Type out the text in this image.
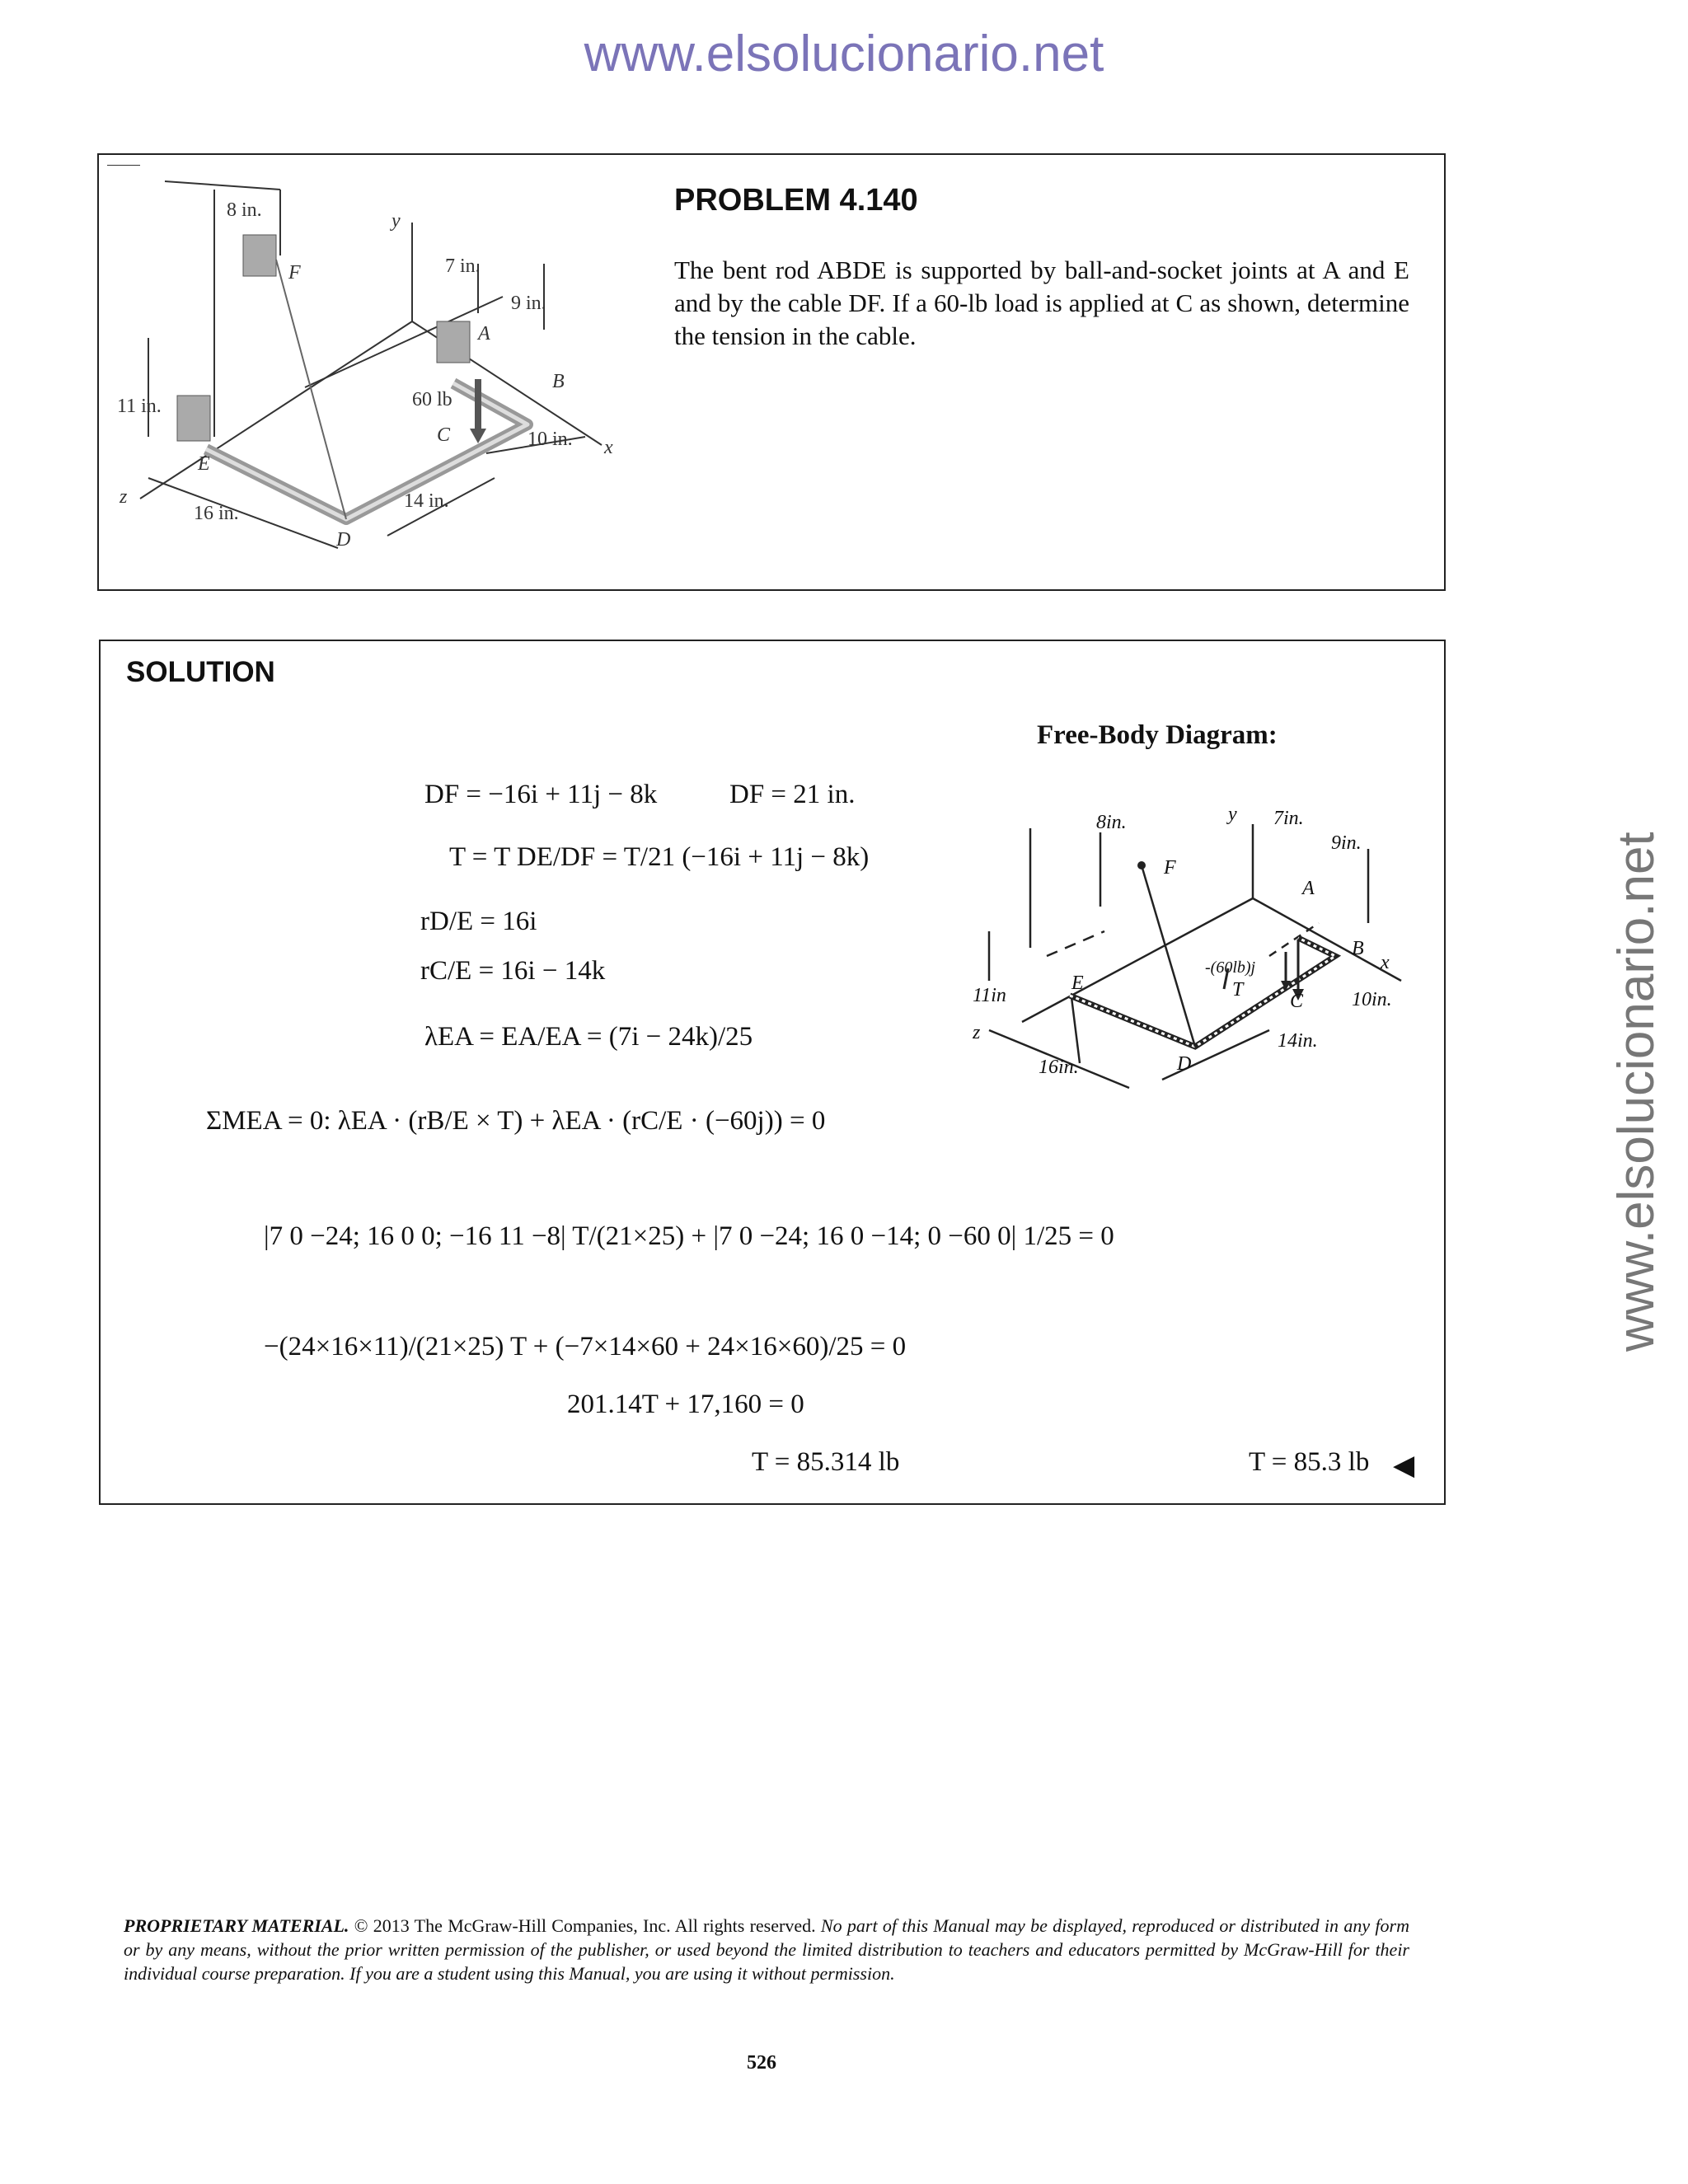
www.elsolucionario.net
www.elsolucionario.net
8 in.	y
F	7 in.
9 in.
A
B
60 lb
C
11 in.
10 in. x
E
z
16 in.
14 in.
D
PROBLEM 4.140
The bent rod ABDE is supported by ball-and-socket joints at A and E and by the cable DF. If a 60-lb load is applied at C as shown, determine the tension in the cable.
SOLUTION
Free-Body Diagram:
8in.	y 7in.
9in.
F
A
B
x
-(60lb)j
C
T
11in
E
10in.
z
D
14in.
16in.
DF = −16i + 11j − 8k	DF = 21 in.
T = T DE/DF = T/21 (−16i + 11j − 8k)
rD/E = 16i
rC/E = 16i − 14k
λEA = EA/EA = (7i − 24k)/25
ΣMEA = 0: λEA · (rB/E × T) + λEA · (rC/E · (−60j)) = 0
|7 0 −24; 16 0 0; −16 11 −8| T/(21×25) + |7 0 −24; 16 0 −14; 0 −60 0| 1/25 = 0
−(24×16×11)/(21×25) T + (−7×14×60 + 24×16×60)/25 = 0
201.14T + 17,160 = 0
T = 85.314 lb	T = 85.3 lb ◀
PROPRIETARY MATERIAL. © 2013 The McGraw-Hill Companies, Inc. All rights reserved. No part of this Manual may be displayed, reproduced or distributed in any form or by any means, without the prior written permission of the publisher, or used beyond the limited distribution to teachers and educators permitted by McGraw-Hill for their individual course preparation. If you are a student using this Manual, you are using it without permission.
526
